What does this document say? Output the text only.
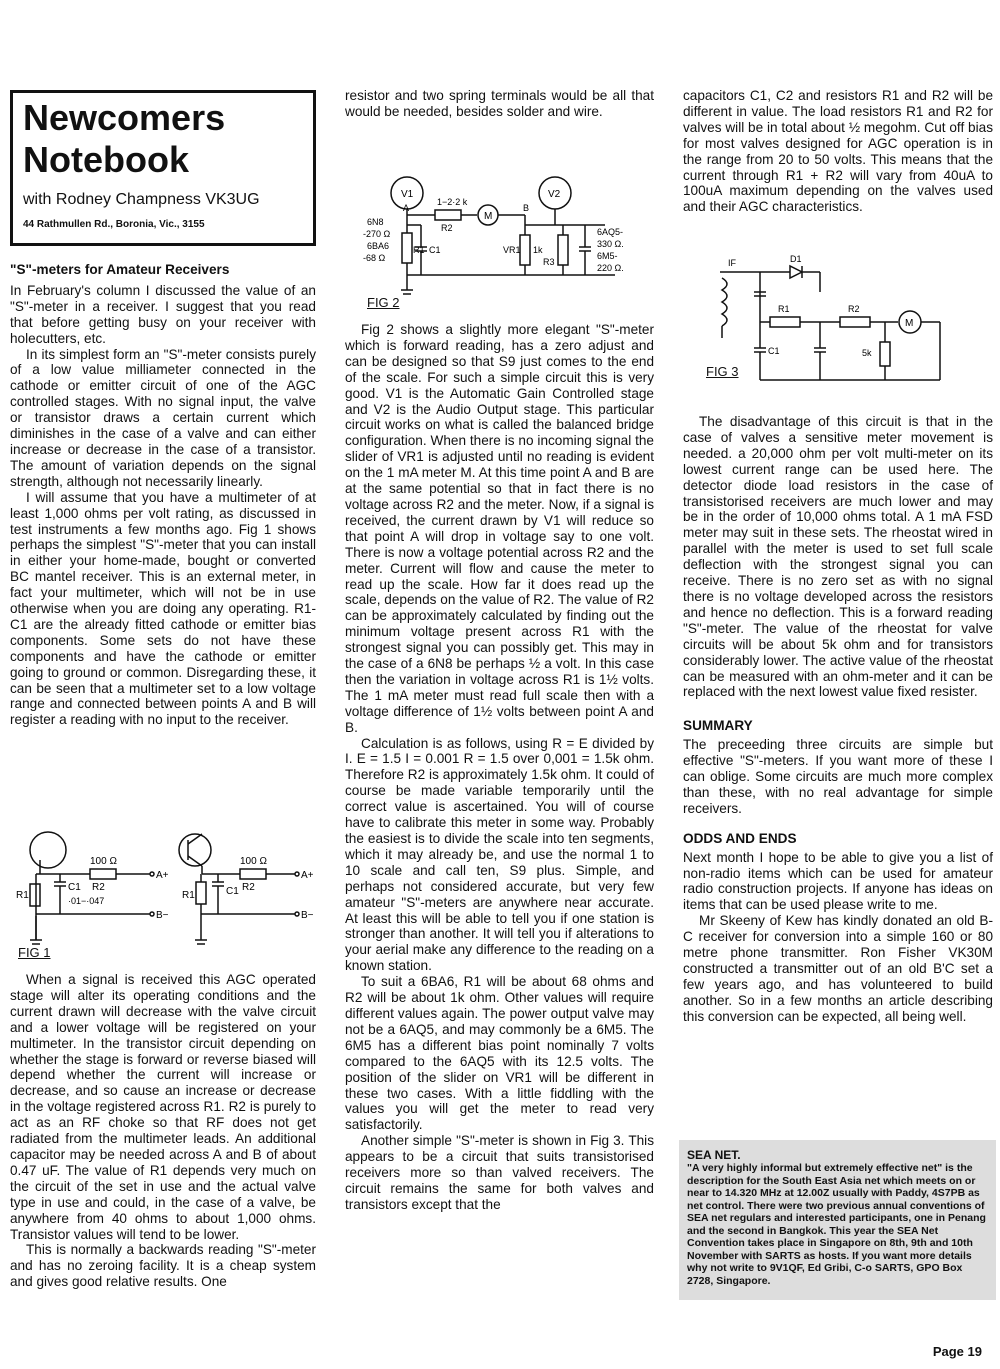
Newcomers
Notebook
with Rodney Champness VK3UG
44 Rathmullen Rd., Boronia, Vic., 3155

"S"-meters for Amateur Receivers

In February's column I discussed the value of an "S"-meter in a receiver. I suggest that you read that before getting busy on your receiver with holecutters, etc.

In its simplest form an "S"-meter consists purely of a low value milliameter connected in the cathode or emitter circuit of one of the AGC controlled stages. With no signal input, the valve or transistor draws a certain current which diminishes in the case of a valve and can either increase or decrease in the case of a transistor. The amount of variation depends on the signal strength, although not necessarily linearly.

I will assume that you have a multimeter of at least 1,000 ohms per volt rating, as discussed in test instruments a few months ago. Fig 1 shows perhaps the simplest "S"-meter that you can install in either your home-made, bought or converted BC mantel receiver. This is an external meter, in fact your multimeter, which will not be in use otherwise when you are doing any operating. R1-C1 are the already fitted cathode or emitter bias components. Some sets do not have these components and have the cathode or emitter going to ground or common. Disregarding these, it can be seen that a multimeter set to a low voltage range and connected between points A and B will register a reading with no input to the receiver.

100 Ω
R2
A+
B−
R1
C1
·01−·047
100 Ω
R2
A+
B−
R1	C1
FIG 1

When a signal is received this AGC operated stage will alter its operating conditions and the current drawn will decrease with the valve circuit and a lower voltage will be registered on your multimeter. In the transistor circuit depending on whether the stage is forward or reverse biased will depend whether the current will increase or decrease, and so cause an increase or decrease in the voltage registered across R1. R2 is purely to act as an RF choke so that RF does not get radiated from the multimeter leads. An additional capacitor may be needed across A and B of about 0.47 uF. The value of R1 depends very much on the circuit of the set in use and the actual valve type in use and could, in the case of a valve, be anywhere from 40 ohms to about 1,000 ohms. Transistor values will tend to be lower.

This is normally a backwards reading "S"-meter and has no zeroing facility. It is a cheap system and gives good relative results. One

resistor and two spring terminals would be all that would be needed, besides solder and wire.

V1	V2
1−2·2 k
R2
M
6N8
-270 Ω
6BA6
-68 Ω
R1 C1	VR1 1k
R3
6AQ5-
330 Ω.
6M5-
220 Ω.
A	B
FIG 2

Fig 2 shows a slightly more elegant "S"-meter which is forward reading, has a zero adjust and can be designed so that S9 just comes to the end of the scale. For such a simple circuit this is very good. V1 is the Automatic Gain Controlled stage and V2 is the Audio Output stage. This particular circuit works on what is called the balanced bridge configuration. When there is no incoming signal the slider of VR1 is adjusted until no reading is evident on the 1 mA meter M. At this time point A and B are at the same potential so that in fact there is no voltage across R2 and the meter. Now, if a signal is received, the current drawn by V1 will reduce so that point A will drop in voltage say to one volt. There is now a voltage potential across R2 and the meter. Current will flow and cause the meter to read up the scale. How far it does read up the scale, depends on the value of R2. The value of R2 can be approximately calculated by finding out the minimum voltage present across R1 with the strongest signal you can possibly get. This may in the case of a 6N8 be perhaps ½ a volt. In this case then the variation in voltage across R1 is 1½ volts. The 1 mA meter must read full scale then with a voltage difference of 1½ volts between point A and B.

Calculation is as follows, using R = E divided by I. E = 1.5 I = 0.001 R = 1.5 over 0,001 = 1.5k ohm. Therefore R2 is approximately 1.5k ohm. It could of course be made variable temporarily until the correct value is ascertained. You will of course have to calibrate this meter in some way. Probably the easiest is to divide the scale into ten segments, which it may already be, and use the normal 1 to 10 scale and call ten, S9 plus. Simple, and perhaps not considered accurate, but very few amateur "S"-meters are anywhere near accurate. At least this will be able to tell you if one station is stronger than another. It will tell you if alterations to your aerial make any difference to the reading on a known station.

To suit a 6BA6, R1 will be about 68 ohms and R2 will be about 1k ohm. Other values will require different values again. The power output valve may not be a 6AQ5, and may commonly be a 6M5. The 6M5 has a different bias point nominally 7 volts compared to the 6AQ5 with its 12.5 volts. The position of the slider on VR1 will be different in these two cases. With a little fiddling with the values you will get the meter to read very satisfactorily.

Another simple "S"-meter is shown in Fig 3. This appears to be a circuit that suits transistorised receivers more so than valved receivers. The circuit remains the same for both valves and transistors except that the

capacitors C1, C2 and resistors R1 and R2 will be different in value. The load resistors R1 and R2 for valves will be in total about ½ megohm. Cut off bias for most valves designed for AGC operation is in the range from 20 to 50 volts. This means that the current through R1 + R2 will vary from 40uA to 100uA maximum depending on the valves used and their AGC characteristics.

IF	D1
R1	R2
M
C1	5k
FIG 3

The disadvantage of this circuit is that in the case of valves a sensitive meter movement is needed. a 20,000 ohm per volt multi-meter on its lowest current range can be used here. The detector diode load resistors in the case of transistorised receivers are much lower and may be in the order of 10,000 ohms total. A 1 mA FSD meter may suit in these sets. The rheostat wired in parallel with the meter is used to set full scale deflection with the strongest signal you can receive. There is no zero set as with no signal there is no voltage developed across the resistors and hence no deflection. This is a forward reading "S"-meter. The value of the rheostat for valve circuits will be about 5k ohm and for transistors considerably lower. The active value of the rheostat can be measured with an ohm-meter and it can be replaced with the next lowest value fixed resister.

SUMMARY

The preceeding three circuits are simple but effective "S"-meters. If you want more of these I can oblige. Some circuits are much more complex than these, with no real advantage for simple receivers.

ODDS AND ENDS

Next month I hope to be able to give you a list of non-radio items which can be used for amateur radio construction projects. If anyone has ideas on items that can be used please write to me.

Mr Skeeny of Kew has kindly donated an old B-C receiver for conversion into a simple 160 or 80 metre phone transmitter. Ron Fisher VK30M constructed a transmitter out of an old B'C set a few years ago, and has volunteered to build another. So in a few months an article describing this conversion can be expected, all being well.

SEA NET.
"A very highly informal but extremely effective net" is the description for the South East Asia net which meets on or near to 14.320 MHz at 12.00Z usually with Paddy, 4S7PB as net control. There were two previous annual conventions of SEA net regulars and interested participants, one in Penang and the second in Bangkok. This year the SEA Net Convention takes place in Singapore on 8th, 9th and 10th November with SARTS as hosts. If you want more details why not write to 9V1QF, Ed Gribi, C-o SARTS, GPO Box 2728, Singapore.
Page 19
